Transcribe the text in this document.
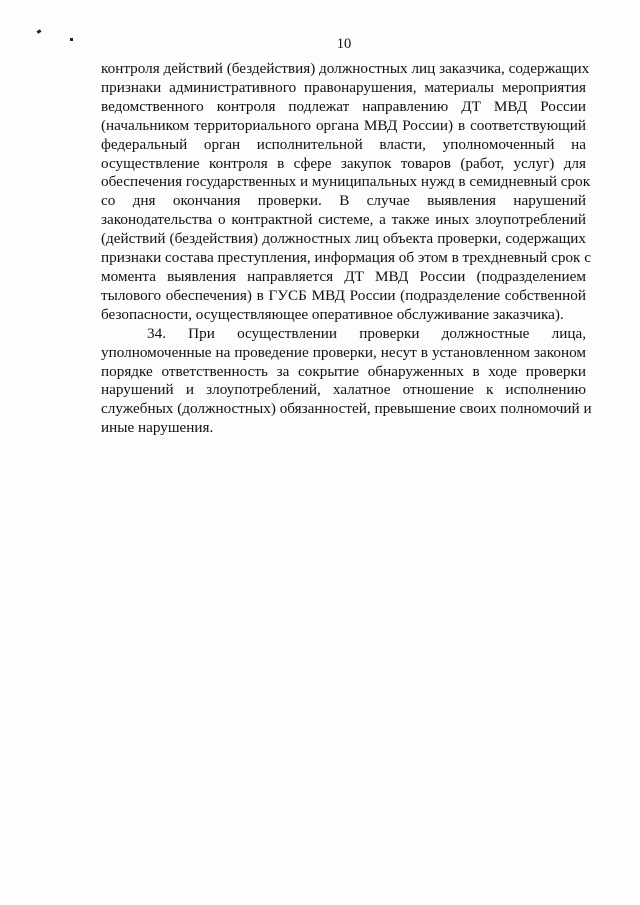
10
контроля действий (бездействия) должностных лиц заказчика, содержащих
признаки административного правонарушения, материалы мероприятия
ведомственного контроля подлежат направлению ДТ МВД России
(начальником территориального органа МВД России) в соответствующий
федеральный орган исполнительной власти, уполномоченный на
осуществление контроля в сфере закупок товаров (работ, услуг) для
обеспечения государственных и муниципальных нужд в семидневный срок
со дня окончания проверки. В случае выявления нарушений
законодательства о контрактной системе, а также иных злоупотреблений
(действий (бездействия) должностных лиц объекта проверки, содержащих
признаки состава преступления, информация об этом в трехдневный срок с
момента выявления направляется ДТ МВД России (подразделением
тылового обеспечения) в ГУСБ МВД России (подразделение собственной
безопасности, осуществляющее оперативное обслуживание заказчика).
34. При осуществлении проверки должностные лица,
уполномоченные на проведение проверки, несут в установленном законом
порядке ответственность за сокрытие обнаруженных в ходе проверки
нарушений и злоупотреблений, халатное отношение к исполнению
служебных (должностных) обязанностей, превышение своих полномочий и
иные нарушения.
